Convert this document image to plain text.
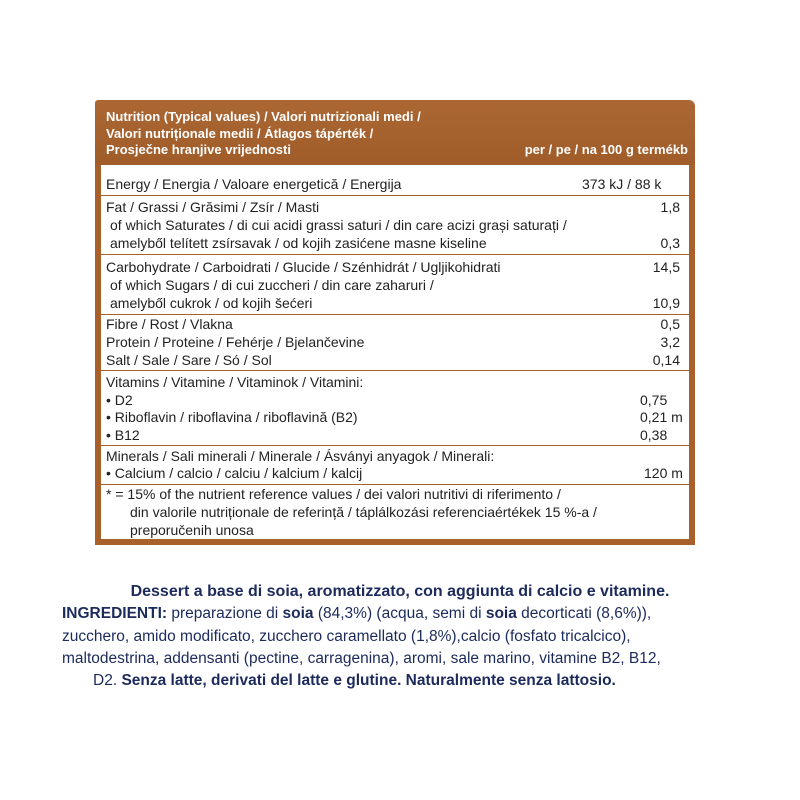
Nutrition (Typical values) / Valori nutrizionali medi /
Valori nutriționale medii / Átlagos tápérték /
Prosječne hranjive vrijednosti	per / pe / na 100 g termékb
Energy / Energia / Valoare energetică / Energija	373 kJ / 88 k
Fat / Grassi / Grăsimi / Zsír / Masti	1,8
of which Saturates / di cui acidi grassi saturi / din care acizi grași saturați /
amelyből telített zsírsavak / od kojih zasićene masne kiseline	0,3
Carbohydrate / Carboidrati / Glucide / Szénhidrát / Ugljikohidrati	14,5
of which Sugars / di cui zuccheri / din care zaharuri /
amelyből cukrok / od kojih šećeri	10,9
Fibre / Rost / Vlakna	0,5
Protein / Proteine / Fehérje / Bjelančevine	3,2
Salt / Sale / Sare / Só / Sol	0,14
Vitamins / Vitamine / Vitaminok / Vitamini:
• D2	0,75
• Riboflavin / riboflavina / riboflavină (B2)	0,21 m
• B12	0,38
Minerals / Sali minerali / Minerale / Ásványi anyagok / Minerali:
• Calcium / calcio / calciu / kalcium / kalcij	120 m
* = 15% of the nutrient reference values / dei valori nutritivi di riferimento /
din valorile nutriționale de referință / táplálkozási referenciaértékek 15 %-a /
preporučenih unosa
Dessert a base di soia, aromatizzato, con aggiunta di calcio e vitamine.
INGREDIENTI: preparazione di soia (84,3%) (acqua, semi di soia decorticati (8,6%)),
zucchero, amido modificato, zucchero caramellato (1,8%),calcio (fosfato tricalcico),
maltodestrina, addensanti (pectine, carragenina), aromi, sale marino, vitamine B2, B12,
D2. Senza latte, derivati del latte e glutine. Naturalmente senza lattosio.
